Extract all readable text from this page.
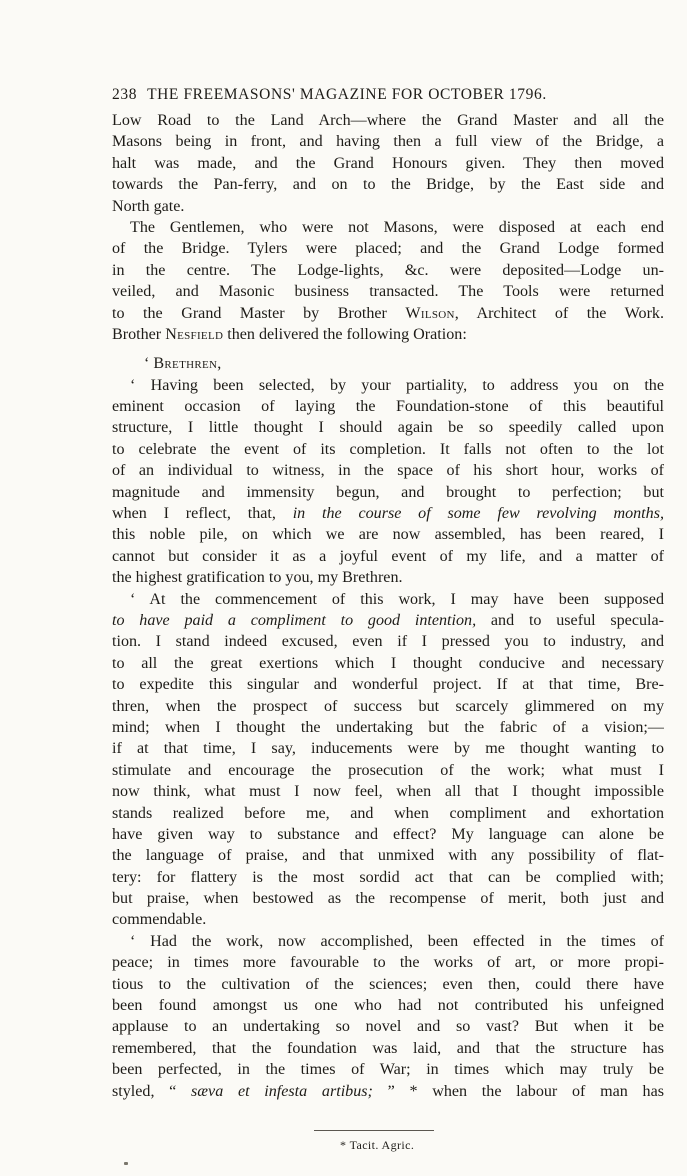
238 THE FREEMASONS' MAGAZINE FOR OCTOBER 1796.
Low Road to the Land Arch—where the Grand Master and all the
Masons being in front, and having then a full view of the Bridge, a
halt was made, and the Grand Honours given. They then moved
towards the Pan-ferry, and on to the Bridge, by the East side and
North gate.
The Gentlemen, who were not Masons, were disposed at each end
of the Bridge. Tylers were placed; and the Grand Lodge formed
in the centre. The Lodge-lights, &c. were deposited—Lodge un-
veiled, and Masonic business transacted. The Tools were returned
to the Grand Master by Brother Wilson, Architect of the Work.
Brother Nesfield then delivered the following Oration:
‘ Brethren,
‘ Having been selected, by your partiality, to address you on the
eminent occasion of laying the Foundation-stone of this beautiful
structure, I little thought I should again be so speedily called upon
to celebrate the event of its completion. It falls not often to the lot
of an individual to witness, in the space of his short hour, works of
magnitude and immensity begun, and brought to perfection; but
when I reflect, that, in the course of some few revolving months,
this noble pile, on which we are now assembled, has been reared, I
cannot but consider it as a joyful event of my life, and a matter of
the highest gratification to you, my Brethren.
‘ At the commencement of this work, I may have been supposed
to have paid a compliment to good intention, and to useful specula-
tion. I stand indeed excused, even if I pressed you to industry, and
to all the great exertions which I thought conducive and necessary
to expedite this singular and wonderful project. If at that time, Bre-
thren, when the prospect of success but scarcely glimmered on my
mind; when I thought the undertaking but the fabric of a vision;—
if at that time, I say, inducements were by me thought wanting to
stimulate and encourage the prosecution of the work; what must I
now think, what must I now feel, when all that I thought impossible
stands realized before me, and when compliment and exhortation
have given way to substance and effect? My language can alone be
the language of praise, and that unmixed with any possibility of flat-
tery: for flattery is the most sordid act that can be complied with;
but praise, when bestowed as the recompense of merit, both just and
commendable.
‘ Had the work, now accomplished, been effected in the times of
peace; in times more favourable to the works of art, or more propi-
tious to the cultivation of the sciences; even then, could there have
been found amongst us one who had not contributed his unfeigned
applause to an undertaking so novel and so vast? But when it be
remembered, that the foundation was laid, and that the structure has
been perfected, in the times of War; in times which may truly be
styled, “ sæva et infesta artibus; ” * when the labour of man has
* Tacit. Agric.
